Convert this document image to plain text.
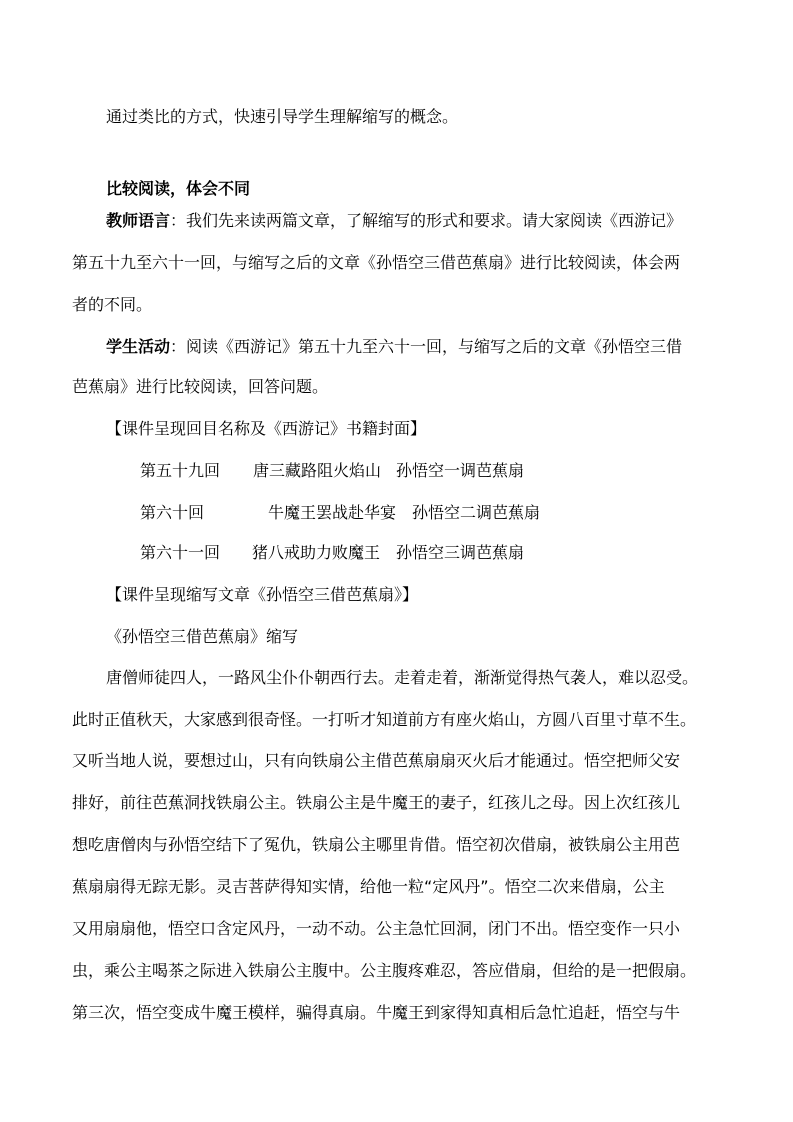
通过类比的方式，快速引导学生理解缩写的概念。
比较阅读，体会不同
教师语言：我们先来读两篇文章，了解缩写的形式和要求。请大家阅读《西游记》
第五十九至六十一回，与缩写之后的文章《孙悟空三借芭蕉扇》进行比较阅读，体会两
者的不同。
学生活动：阅读《西游记》第五十九至六十一回，与缩写之后的文章《孙悟空三借
芭蕉扇》进行比较阅读，回答问题。
【课件呈现回目名称及《西游记》书籍封面】
第五十九回 唐三藏路阻火焰山 孙悟空一调芭蕉扇
第六十回	牛魔王罢战赴华宴 孙悟空二调芭蕉扇
第六十一回 猪八戒助力败魔王 孙悟空三调芭蕉扇
【课件呈现缩写文章《孙悟空三借芭蕉扇》】
《孙悟空三借芭蕉扇》缩写
唐僧师徒四人，一路风尘仆仆朝西行去。走着走着，渐渐觉得热气袭人，难以忍受。
此时正值秋天，大家感到很奇怪。一打听才知道前方有座火焰山，方圆八百里寸草不生。
又听当地人说，要想过山，只有向铁扇公主借芭蕉扇扇灭火后才能通过。悟空把师父安
排好，前往芭蕉洞找铁扇公主。铁扇公主是牛魔王的妻子，红孩儿之母。因上次红孩儿
想吃唐僧肉与孙悟空结下了冤仇，铁扇公主哪里肯借。悟空初次借扇，被铁扇公主用芭
蕉扇扇得无踪无影。灵吉菩萨得知实情，给他一粒“定风丹”。悟空二次来借扇，公主
又用扇扇他，悟空口含定风丹，一动不动。公主急忙回洞，闭门不出。悟空变作一只小
虫，乘公主喝茶之际进入铁扇公主腹中。公主腹疼难忍，答应借扇，但给的是一把假扇。
第三次，悟空变成牛魔王模样，骗得真扇。牛魔王到家得知真相后急忙追赶，悟空与牛
